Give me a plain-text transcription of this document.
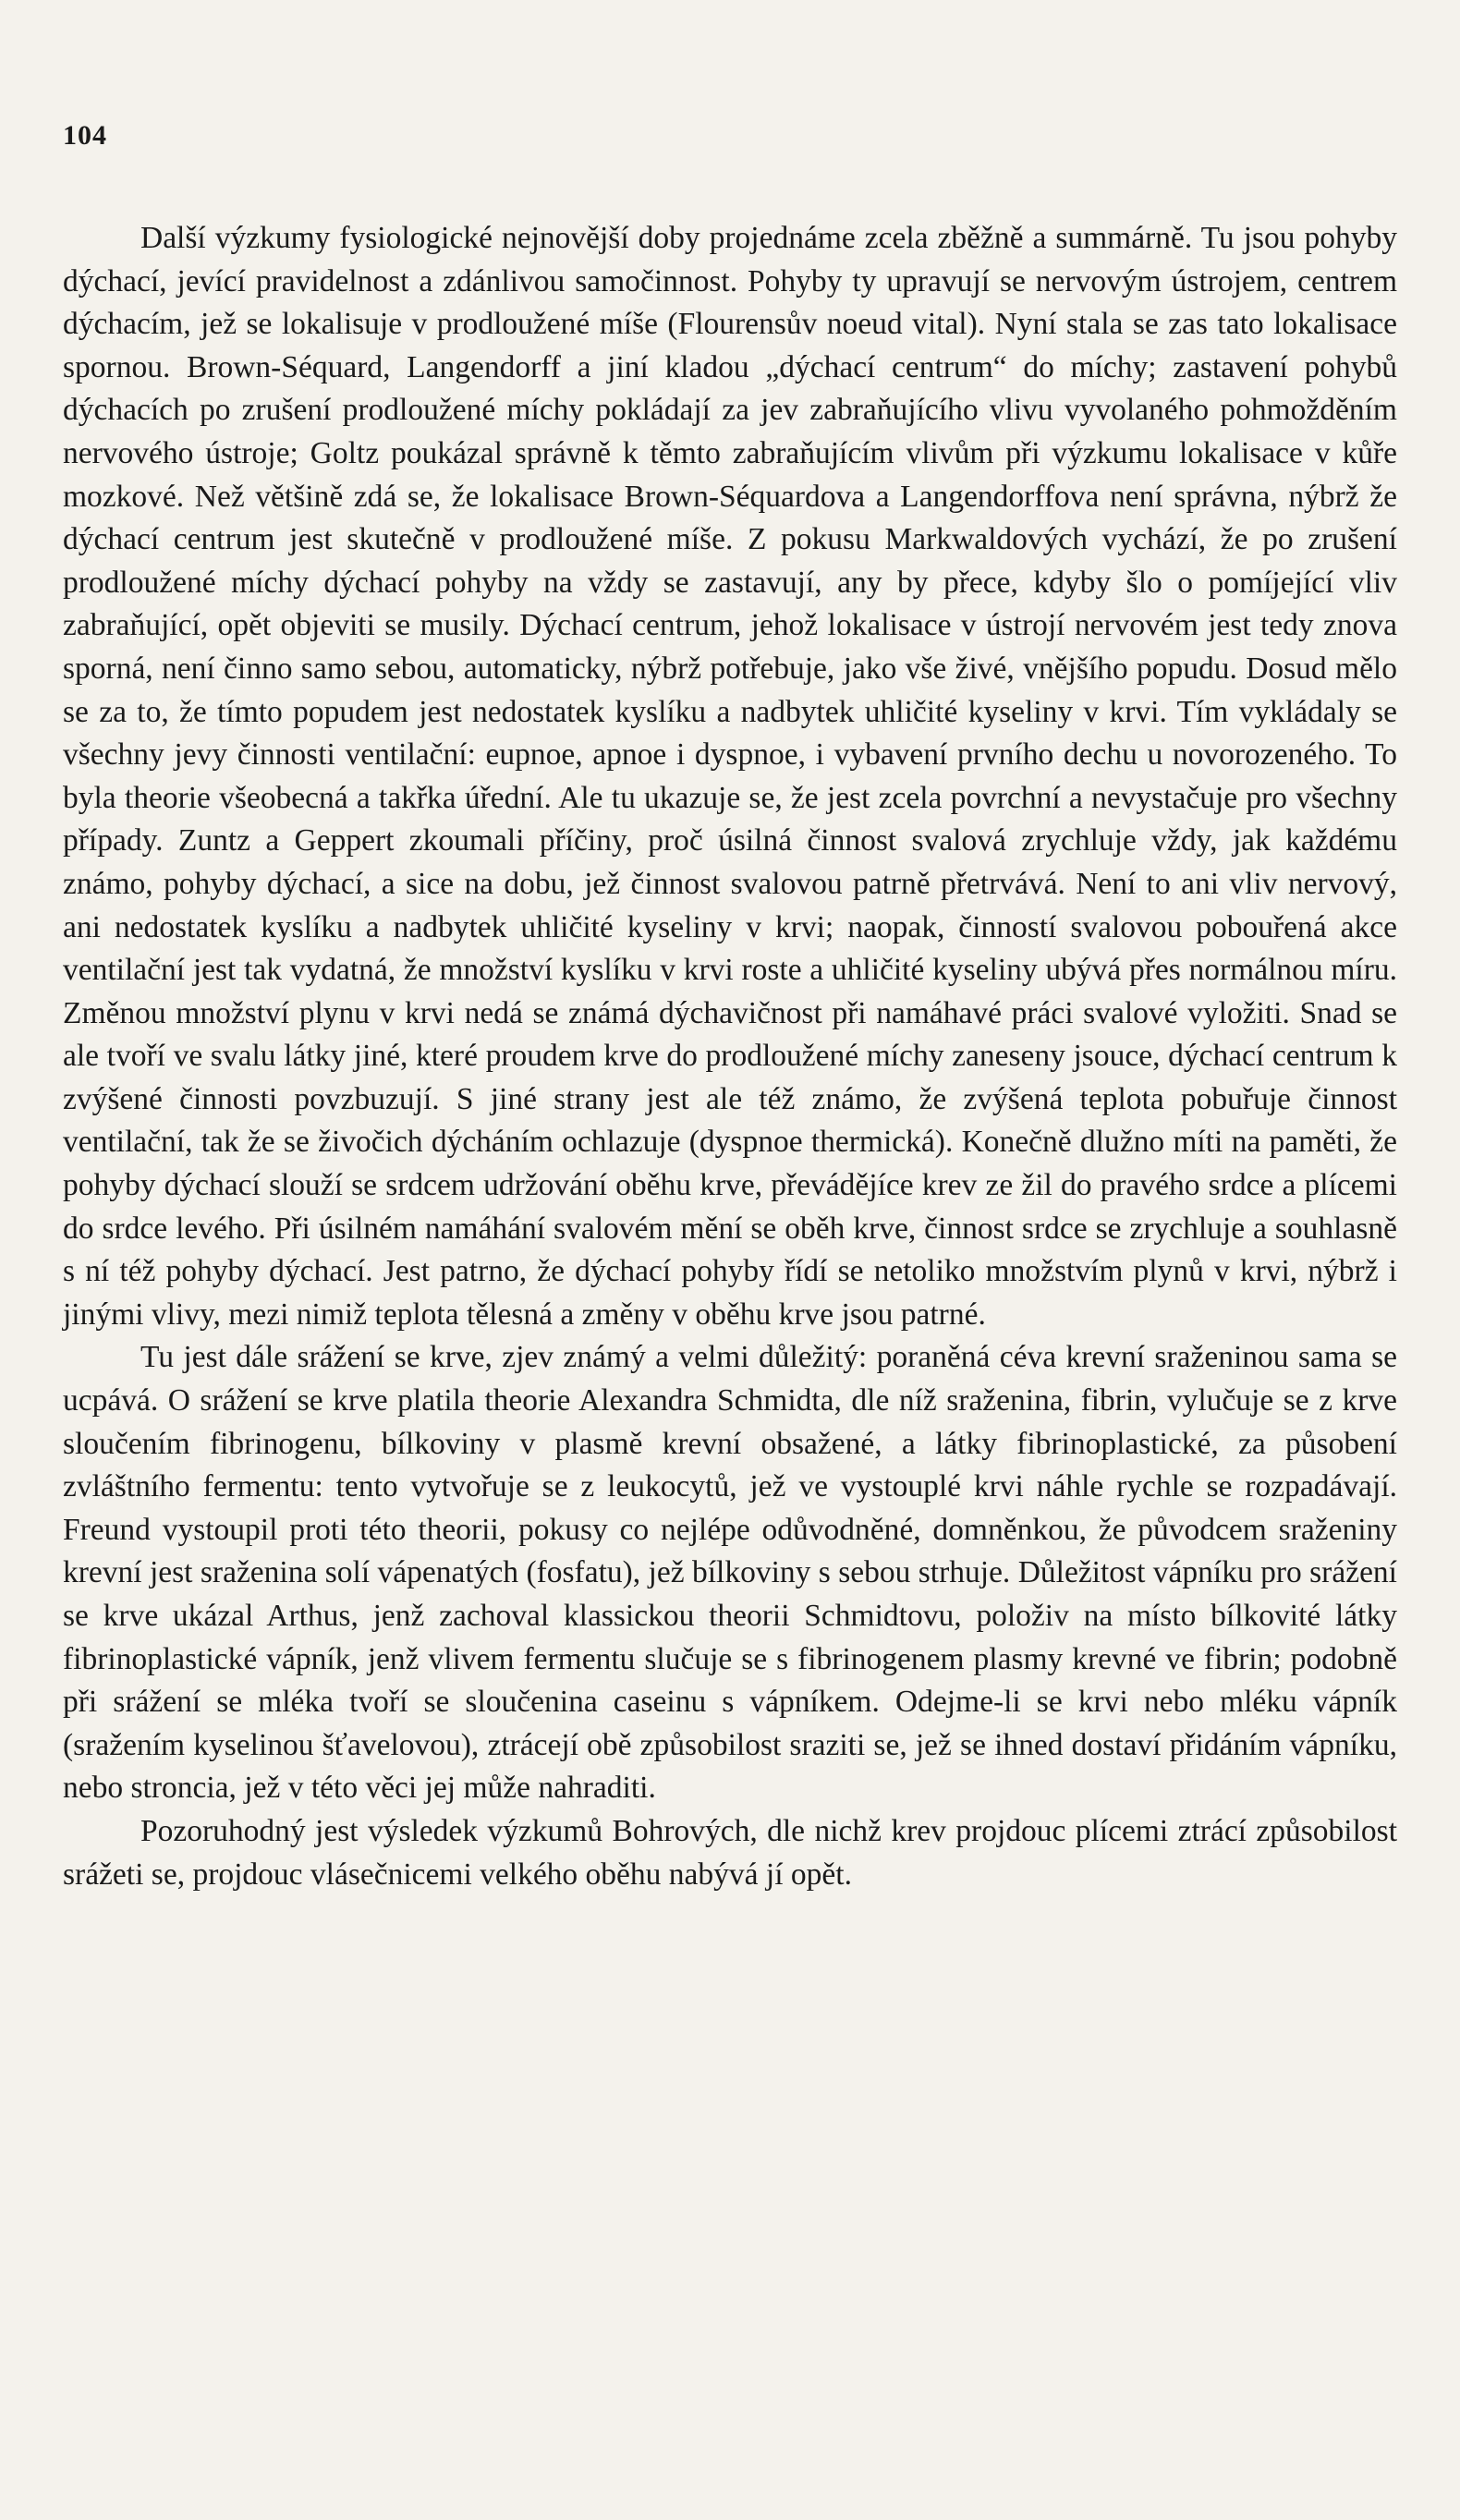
104

Další výzkumy fysiologické nejnovější doby projednáme zcela zběžně a summárně. Tu jsou pohyby dýchací, jevící pravidelnost a zdánlivou samočinnost. Pohyby ty upravují se nervovým ústrojem, centrem dýchacím, jež se lokalisuje v prodloužené míše (Flourensův noeud vital). Nyní stala se zas tato lokalisace spornou. Brown-Séquard, Langendorff a jiní kladou „dýchací centrum“ do míchy; zastavení pohybů dýchacích po zrušení prodloužené míchy pokládají za jev zabraňujícího vlivu vyvolaného pohmožděním nervového ústroje; Goltz poukázal správně k těmto zabraňujícím vlivům při výzkumu lokalisace v kůře mozkové. Než většině zdá se, že lokalisace Brown-Séquardova a Langendorffova není správna, nýbrž že dýchací centrum jest skutečně v prodloužené míše. Z pokusu Markwaldových vychází, že po zrušení prodloužené míchy dýchací pohyby na vždy se zastavují, any by přece, kdyby šlo o pomíjející vliv zabraňující, opět objeviti se musily. Dýchací centrum, jehož lokalisace v ústrojí nervovém jest tedy znova sporná, není činno samo sebou, automaticky, nýbrž potřebuje, jako vše živé, vnějšího popudu. Dosud mělo se za to, že tímto popudem jest nedostatek kyslíku a nadbytek uhličité kyseliny v krvi. Tím vykládaly se všechny jevy činnosti ventilační: eupnoe, apnoe i dyspnoe, i vybavení prvního dechu u novorozeného. To byla theorie všeobecná a takřka úřední. Ale tu ukazuje se, že jest zcela povrchní a nevystačuje pro všechny případy. Zuntz a Geppert zkoumali příčiny, proč úsilná činnost svalová zrychluje vždy, jak každému známo, pohyby dýchací, a sice na dobu, jež činnost svalovou patrně přetrvává. Není to ani vliv nervový, ani nedostatek kyslíku a nadbytek uhličité kyseliny v krvi; naopak, činností svalovou pobouřená akce ventilační jest tak vydatná, že množství kyslíku v krvi roste a uhličité kyseliny ubývá přes normálnou míru. Změnou množství plynu v krvi nedá se známá dýchavičnost při namáhavé práci svalové vyložiti. Snad se ale tvoří ve svalu látky jiné, které proudem krve do prodloužené míchy zaneseny jsouce, dýchací centrum k zvýšené činnosti povzbuzují. S jiné strany jest ale též známo, že zvýšená teplota pobuřuje činnost ventilační, tak že se živočich dýcháním ochlazuje (dyspnoe thermická). Konečně dlužno míti na paměti, že pohyby dýchací slouží se srdcem udržování oběhu krve, převádějíce krev ze žil do pravého srdce a plícemi do srdce levého. Při úsilném namáhání svalovém mění se oběh krve, činnost srdce se zrychluje a souhlasně s ní též pohyby dýchací. Jest patrno, že dýchací pohyby řídí se netoliko množstvím plynů v krvi, nýbrž i jinými vlivy, mezi nimiž teplota tělesná a změny v oběhu krve jsou patrné.

Tu jest dále srážení se krve, zjev známý a velmi důležitý: poraněná céva krevní sraženinou sama se ucpává. O srážení se krve platila theorie Alexandra Schmidta, dle níž sraženina, fibrin, vylučuje se z krve sloučením fibrinogenu, bílkoviny v plasmě krevní obsažené, a látky fibrinoplastické, za působení zvláštního fermentu: tento vytvořuje se z leukocytů, jež ve vystouplé krvi náhle rychle se rozpadávají. Freund vystoupil proti této theorii, pokusy co nejlépe odůvodněné, domněnkou, že původcem sraženiny krevní jest sraženina solí vápenatých (fosfatu), jež bílkoviny s sebou strhuje. Důležitost vápníku pro srážení se krve ukázal Arthus, jenž zachoval klassickou theorii Schmidtovu, položiv na místo bílkovité látky fibrinoplastické vápník, jenž vlivem fermentu slučuje se s fibrinogenem plasmy krevné ve fibrin; podobně při srážení se mléka tvoří se sloučenina caseinu s vápníkem. Odejme-li se krvi nebo mléku vápník (sražením kyselinou šťavelovou), ztrácejí obě způsobilost sraziti se, jež se ihned dostaví přidáním vápníku, nebo stroncia, jež v této věci jej může nahraditi.

Pozoruhodný jest výsledek výzkumů Bohrových, dle nichž krev projdouc plícemi ztrácí způsobilost srážeti se, projdouc vlásečnicemi velkého oběhu nabývá jí opět.
